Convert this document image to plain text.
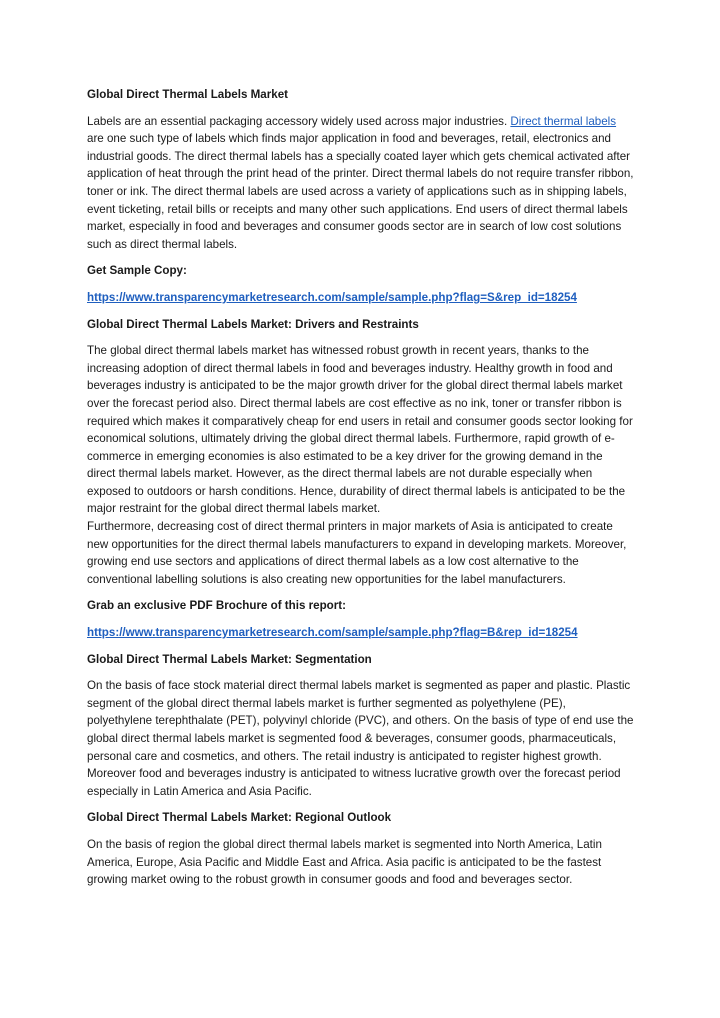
Global Direct Thermal Labels Market

Labels are an essential packaging accessory widely used across major industries. Direct thermal labels are one such type of labels which finds major application in food and beverages, retail, electronics and industrial goods. The direct thermal labels has a specially coated layer which gets chemical activated after application of heat through the print head of the printer. Direct thermal labels do not require transfer ribbon, toner or ink. The direct thermal labels are used across a variety of applications such as in shipping labels, event ticketing, retail bills or receipts and many other such applications. End users of direct thermal labels market, especially in food and beverages and consumer goods sector are in search of low cost solutions such as direct thermal labels.

Get Sample Copy:

https://www.transparencymarketresearch.com/sample/sample.php?flag=S&rep_id=18254

Global Direct Thermal Labels Market: Drivers and Restraints

The global direct thermal labels market has witnessed robust growth in recent years, thanks to the increasing adoption of direct thermal labels in food and beverages industry. Healthy growth in food and beverages industry is anticipated to be the major growth driver for the global direct thermal labels market over the forecast period also. Direct thermal labels are cost effective as no ink, toner or transfer ribbon is required which makes it comparatively cheap for end users in retail and consumer goods sector looking for economical solutions, ultimately driving the global direct thermal labels. Furthermore, rapid growth of e-commerce in emerging economies is also estimated to be a key driver for the growing demand in the direct thermal labels market. However, as the direct thermal labels are not durable especially when exposed to outdoors or harsh conditions. Hence, durability of direct thermal labels is anticipated to be the major restraint for the global direct thermal labels market.

Furthermore, decreasing cost of direct thermal printers in major markets of Asia is anticipated to create new opportunities for the direct thermal labels manufacturers to expand in developing markets. Moreover, growing end use sectors and applications of direct thermal labels as a low cost alternative to the conventional labelling solutions is also creating new opportunities for the label manufacturers.

Grab an exclusive PDF Brochure of this report:

https://www.transparencymarketresearch.com/sample/sample.php?flag=B&rep_id=18254

Global Direct Thermal Labels Market: Segmentation

On the basis of face stock material direct thermal labels market is segmented as paper and plastic. Plastic segment of the global direct thermal labels market is further segmented as polyethylene (PE), polyethylene terephthalate (PET), polyvinyl chloride (PVC), and others. On the basis of type of end use the global direct thermal labels market is segmented food & beverages, consumer goods, pharmaceuticals, personal care and cosmetics, and others. The retail industry is anticipated to register highest growth. Moreover food and beverages industry is anticipated to witness lucrative growth over the forecast period especially in Latin America and Asia Pacific.

Global Direct Thermal Labels Market: Regional Outlook

On the basis of region the global direct thermal labels market is segmented into North America, Latin America, Europe, Asia Pacific and Middle East and Africa. Asia pacific is anticipated to be the fastest growing market owing to the robust growth in consumer goods and food and beverages sector.
